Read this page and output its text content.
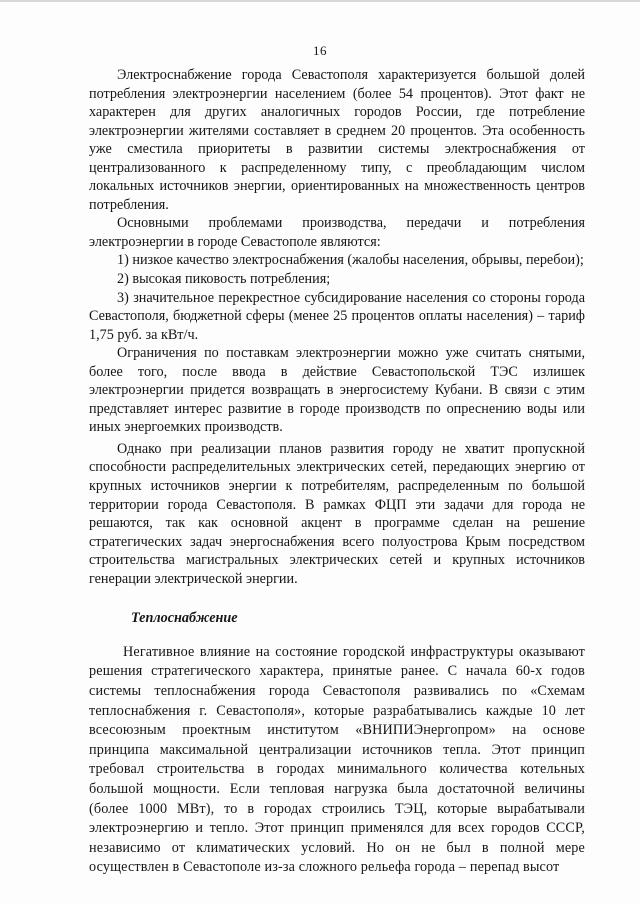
16

Электроснабжение города Севастополя характеризуется большой долей потребления электроэнергии населением (более 54 процентов). Этот факт не характерен для других аналогичных городов России, где потребление электроэнергии жителями составляет в среднем 20 процентов. Эта особенность уже сместила приоритеты в развитии системы электроснабжения от централизованного к распределенному типу, с преобладающим числом локальных источников энергии, ориентированных на множественность центров потребления.

Основными проблемами производства, передачи и потребления электроэнергии в городе Севастополе являются:

1) низкое качество электроснабжения (жалобы населения, обрывы, перебои);

2) высокая пиковость потребления;

3) значительное перекрестное субсидирование населения со стороны города Севастополя, бюджетной сферы (менее 25 процентов оплаты населения) – тариф 1,75 руб. за кВт/ч.

Ограничения по поставкам электроэнергии можно уже считать снятыми, более того, после ввода в действие Севастопольской ТЭС излишек электроэнергии придется возвращать в энергосистему Кубани. В связи с этим представляет интерес развитие в городе производств по опреснению воды или иных энергоемких производств.

Однако при реализации планов развития городу не хватит пропускной способности распределительных электрических сетей, передающих энергию от крупных источников энергии к потребителям, распределенным по большой территории города Севастополя. В рамках ФЦП эти задачи для города не решаются, так как основной акцент в программе сделан на решение стратегических задач энергоснабжения всего полуострова Крым посредством строительства магистральных электрических сетей и крупных источников генерации электрической энергии.

Теплоснабжение

Негативное влияние на состояние городской инфраструктуры оказывают решения стратегического характера, принятые ранее. С начала 60-х годов системы теплоснабжения города Севастополя развивались по «Схемам теплоснабжения г. Севастополя», которые разрабатывались каждые 10 лет всесоюзным проектным институтом «ВНИПИЭнергопром» на основе принципа максимальной централизации источников тепла. Этот принцип требовал строительства в городах минимального количества котельных большой мощности. Если тепловая нагрузка была достаточной величины (более 1000 МВт), то в городах строились ТЭЦ, которые вырабатывали электроэнергию и тепло. Этот принцип применялся для всех городов СССР, независимо от климатических условий. Но он не был в полной мере осуществлен в Севастополе из-за сложного рельефа города – перепад высот
